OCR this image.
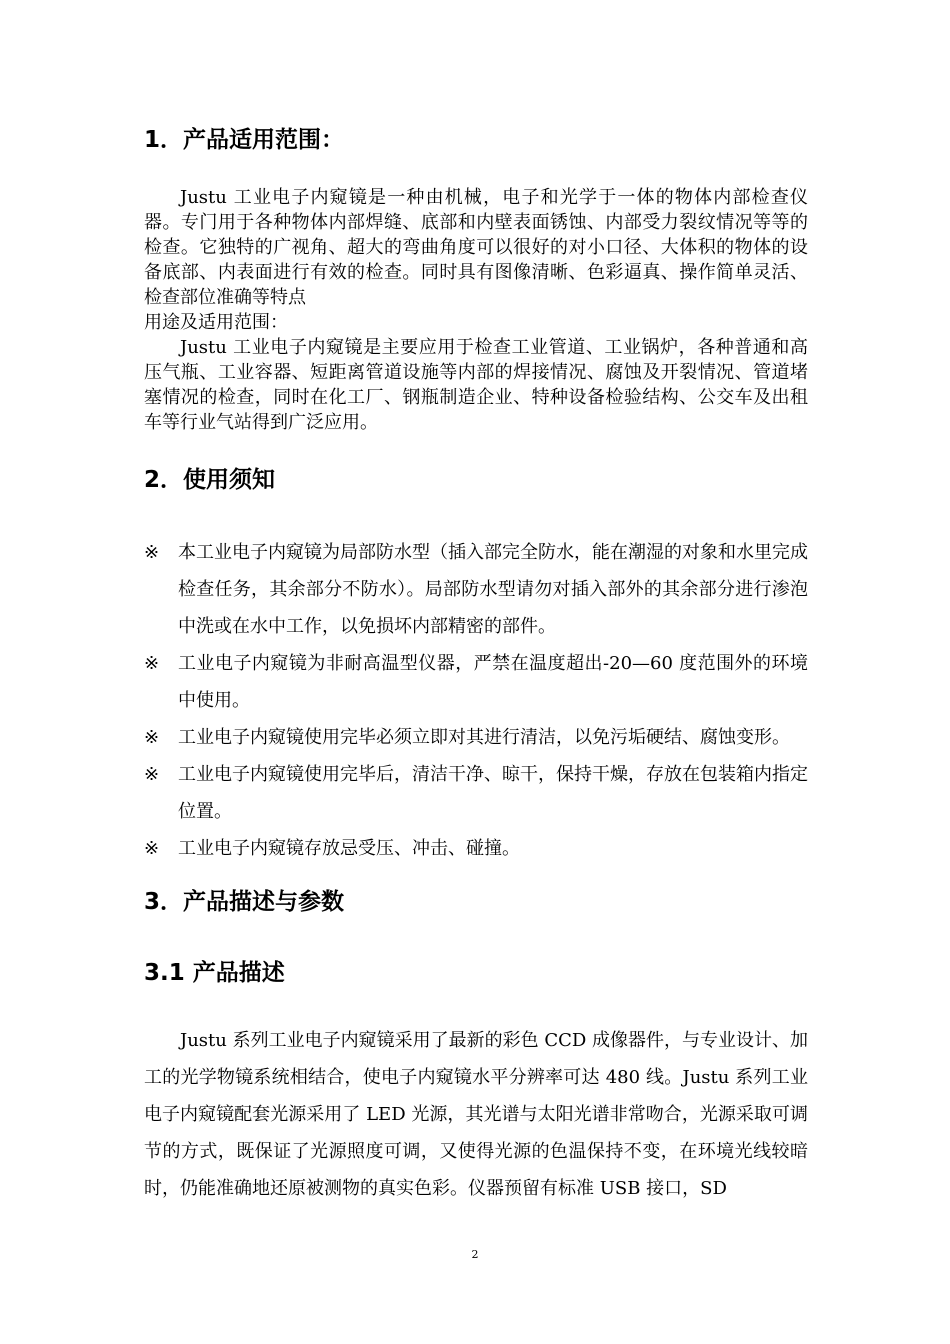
1．产品适用范围：

Justu 工业电子内窥镜是一种由机械，电子和光学于一体的物体内部检查仪器。专门用于各种物体内部焊缝、底部和内壁表面锈蚀、内部受力裂纹情况等等的检查。它独特的广视角、超大的弯曲角度可以很好的对小口径、大体积的物体的设备底部、内表面进行有效的检查。同时具有图像清晰、色彩逼真、操作简单灵活、检查部位准确等特点

用途及适用范围：

Justu 工业电子内窥镜是主要应用于检查工业管道、工业锅炉，各种普通和高压气瓶、工业容器、短距离管道设施等内部的焊接情况、腐蚀及开裂情况、管道堵塞情况的检查，同时在化工厂、钢瓶制造企业、特种设备检验结构、公交车及出租车等行业气站得到广泛应用。

2．使用须知
※ 本工业电子内窥镜为局部防水型（插入部完全防水，能在潮湿的对象和水里完成检查任务，其余部分不防水）。局部防水型请勿对插入部外的其余部分进行渗泡中洗或在水中工作，以免损坏内部精密的部件。
※ 工业电子内窥镜为非耐高温型仪器，严禁在温度超出-20—60 度范围外的环境中使用。
※ 工业电子内窥镜使用完毕必须立即对其进行清洁，以免污垢硬结、腐蚀变形。
※ 工业电子内窥镜使用完毕后，清洁干净、晾干，保持干燥，存放在包装箱内指定位置。
※ 工业电子内窥镜存放忌受压、冲击、碰撞。
3．产品描述与参数
3.1 产品描述

Justu 系列工业电子内窥镜采用了最新的彩色 CCD 成像器件，与专业设计、加工的光学物镜系统相结合，使电子内窥镜水平分辨率可达 480 线。Justu 系列工业电子内窥镜配套光源采用了 LED 光源，其光谱与太阳光谱非常吻合，光源采取可调节的方式，既保证了光源照度可调，又使得光源的色温保持不变，在环境光线较暗时，仍能准确地还原被测物的真实色彩。仪器预留有标准 USB 接口，SD

2
